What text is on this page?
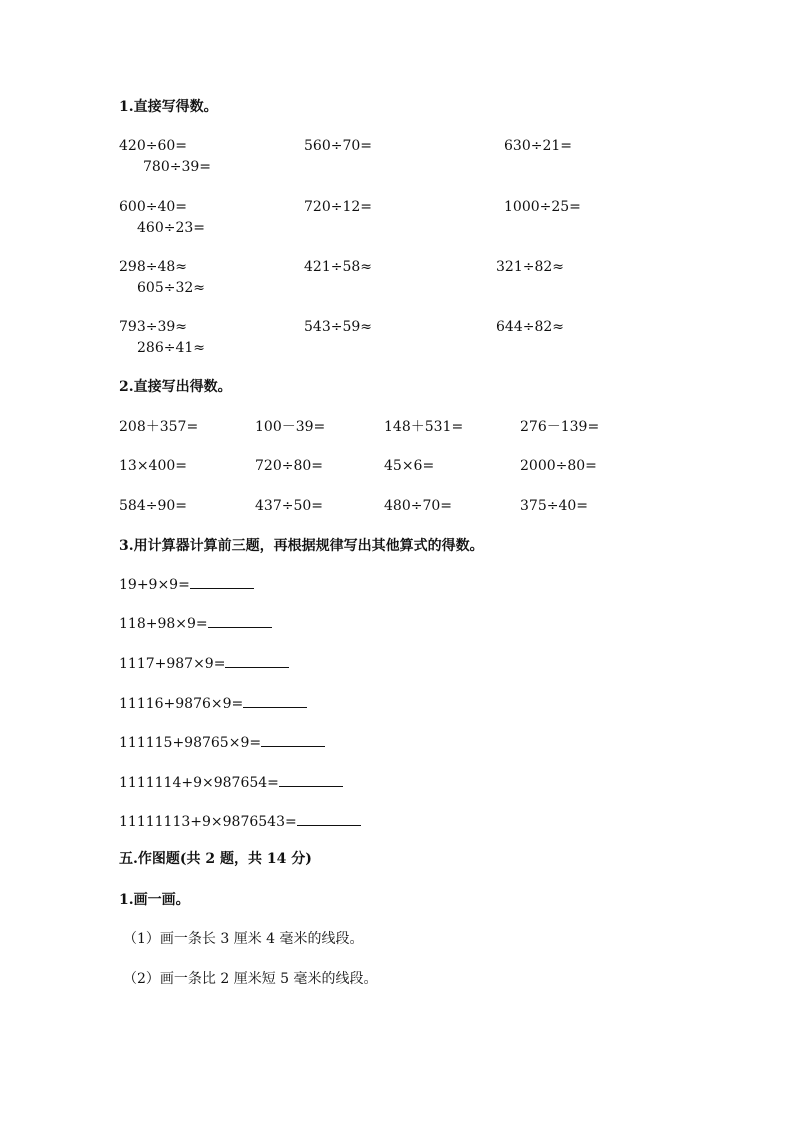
1.直接写得数。
420÷60=	560÷70=	630÷21=
780÷39=
600÷40=	720÷12=	1000÷25=
460÷23=
298÷48≈	421÷58≈	321÷82≈
605÷32≈
793÷39≈	543÷59≈	644÷82≈
286÷41≈
2.直接写出得数。
208＋357=	100－39=	148＋531=	276－139=
13×400=	720÷80=	45×6=	2000÷80=
584÷90=	437÷50=	480÷70=	375÷40=
3.用计算器计算前三题，再根据规律写出其他算式的得数。
19+9×9=
118+98×9=
1117+987×9=
11116+9876×9=
111115+98765×9=
1111114+9×987654=
11111113+9×9876543=
五.作图题(共 2 题，共 14 分)
1.画一画。
（1）画一条长 3 厘米 4 毫米的线段。
（2）画一条比 2 厘米短 5 毫米的线段。
